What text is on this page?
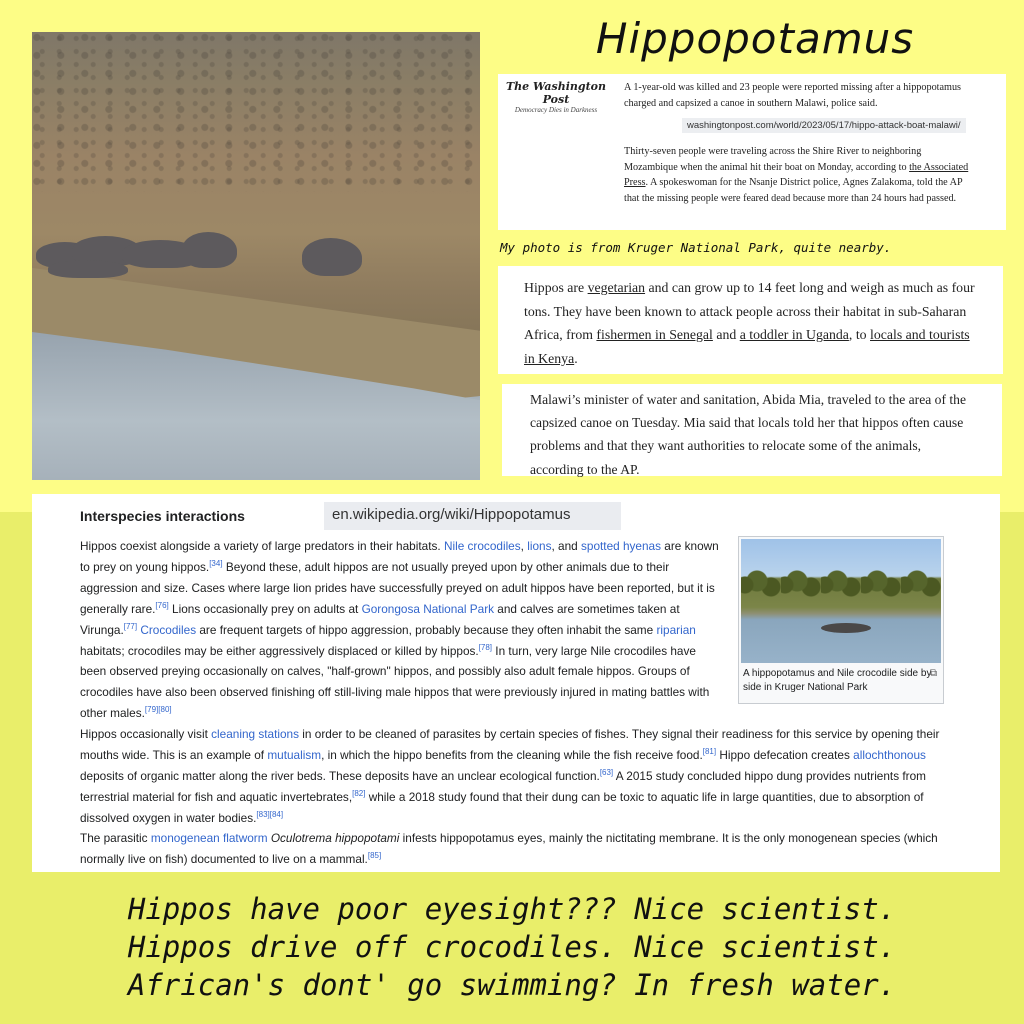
Hippopotamus
The Washington Post
Democracy Dies in Darkness
A 1-year-old was killed and 23 people were reported missing after a hippopotamus charged and capsized a canoe in southern Malawi, police said.
washingtonpost.com/world/2023/05/17/hippo-attack-boat-malawi/
Thirty-seven people were traveling across the Shire River to neighboring Mozambique when the animal hit their boat on Monday, according to the Associated Press. A spokeswoman for the Nsanje District police, Agnes Zalakoma, told the AP that the missing people were feared dead because more than 24 hours had passed.
My photo is from Kruger National Park, quite nearby.
Hippos are vegetarian and can grow up to 14 feet long and weigh as much as four tons. They have been known to attack people across their habitat in sub-Saharan Africa, from fishermen in Senegal and a toddler in Uganda, to locals and tourists in Kenya.
Malawi’s minister of water and sanitation, Abida Mia, traveled to the area of the capsized canoe on Tuesday. Mia said that locals told her that hippos often cause problems and that they want authorities to relocate some of the animals, according to the AP.
Interspecies interactions	en.wikipedia.org/wiki/Hippopotamus
Hippos coexist alongside a variety of large predators in their habitats. Nile crocodiles, lions, and spotted hyenas are known to prey on young hippos.[34] Beyond these, adult hippos are not usually preyed upon by other animals due to their aggression and size. Cases where large lion prides have successfully preyed on adult hippos have been reported, but it is generally rare.[76] Lions occasionally prey on adults at Gorongosa National Park and calves are sometimes taken at Virunga.[77] Crocodiles are frequent targets of hippo aggression, probably because they often inhabit the same riparian habitats; crocodiles may be either aggressively displaced or killed by hippos.[78] In turn, very large Nile crocodiles have been observed preying occasionally on calves, "half-grown" hippos, and possibly also adult female hippos. Groups of crocodiles have also been observed finishing off still-living male hippos that were previously injured in mating battles with other males.[79][80]
A hippopotamus and Nile crocodile side by side in Kruger National Park
⧉
Hippos occasionally visit cleaning stations in order to be cleaned of parasites by certain species of fishes. They signal their readiness for this service by opening their mouths wide. This is an example of mutualism, in which the hippo benefits from the cleaning while the fish receive food.[81] Hippo defecation creates allochthonous deposits of organic matter along the river beds. These deposits have an unclear ecological function.[63] A 2015 study concluded hippo dung provides nutrients from terrestrial material for fish and aquatic invertebrates,[82] while a 2018 study found that their dung can be toxic to aquatic life in large quantities, due to absorption of dissolved oxygen in water bodies.[83][84]
The parasitic monogenean flatworm Oculotrema hippopotami infests hippopotamus eyes, mainly the nictitating membrane. It is the only monogenean species (which normally live on fish) documented to live on a mammal.[85]
Hippos have poor eyesight??? Nice scientist.
Hippos drive off crocodiles. Nice scientist.
African's dont' go swimming? In fresh water.
